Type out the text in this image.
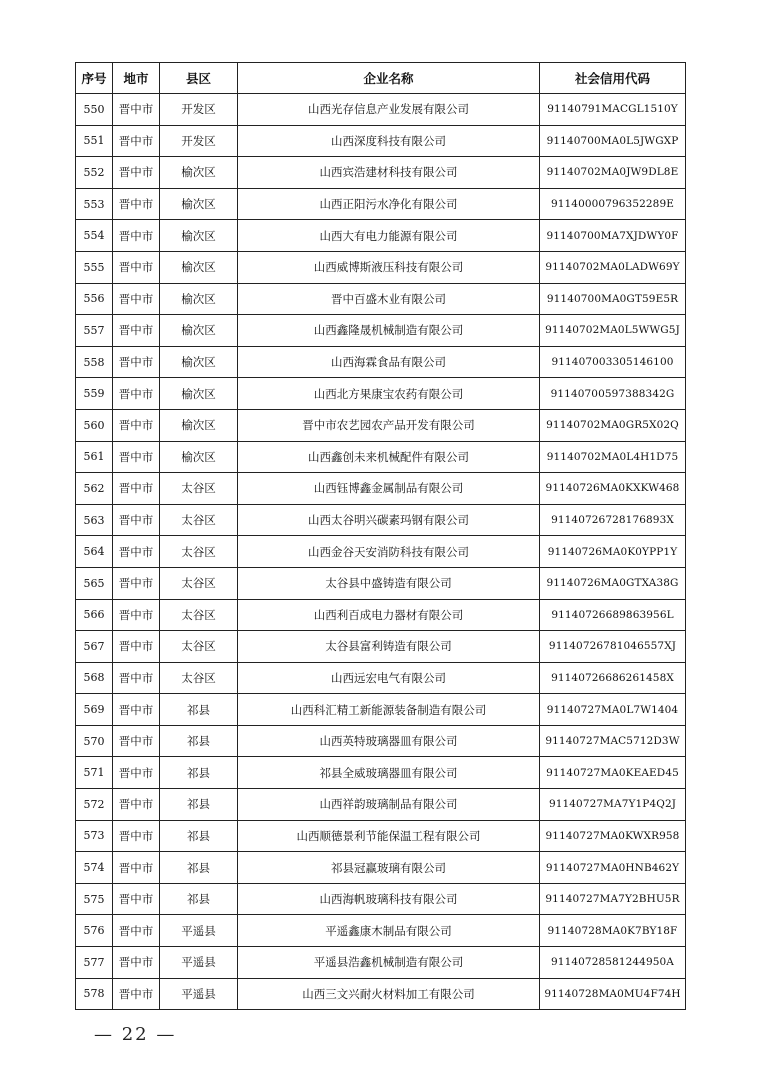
序号	地市	县区	企业名称	社会信用代码
550	晋中市	开发区	山西光存信息产业发展有限公司	91140791MACGL1510Y
551	晋中市	开发区	山西深度科技有限公司	91140700MA0L5JWGXP
552	晋中市	榆次区	山西宾浩建材科技有限公司	91140702MA0JW9DL8E
553	晋中市	榆次区	山西正阳污水净化有限公司	91140000796352289E
554	晋中市	榆次区	山西大有电力能源有限公司	91140700MA7XJDWY0F
555	晋中市	榆次区	山西威博斯液压科技有限公司	91140702MA0LADW69Y
556	晋中市	榆次区	晋中百盛木业有限公司	91140700MA0GT59E5R
557	晋中市	榆次区	山西鑫隆晟机械制造有限公司	91140702MA0L5WWG5J
558	晋中市	榆次区	山西海霖食品有限公司	911407003305146100
559	晋中市	榆次区	山西北方果康宝农药有限公司	91140700597388342G
560	晋中市	榆次区	晋中市农艺园农产品开发有限公司	91140702MA0GR5X02Q
561	晋中市	榆次区	山西鑫创未来机械配件有限公司	91140702MA0L4H1D75
562	晋中市	太谷区	山西钰博鑫金属制品有限公司	91140726MA0KXKW468
563	晋中市	太谷区	山西太谷明兴碳素玛钢有限公司	91140726728176893X
564	晋中市	太谷区	山西金谷天安消防科技有限公司	91140726MA0K0YPP1Y
565	晋中市	太谷区	太谷县中盛铸造有限公司	91140726MA0GTXA38G
566	晋中市	太谷区	山西利百成电力器材有限公司	91140726689863956L
567	晋中市	太谷区	太谷县富利铸造有限公司	91140726781046557XJ
568	晋中市	太谷区	山西远宏电气有限公司	91140726686261458X
569	晋中市	祁县	山西科汇精工新能源装备制造有限公司	91140727MA0L7W1404
570	晋中市	祁县	山西英特玻璃器皿有限公司	91140727MAC5712D3W
571	晋中市	祁县	祁县全威玻璃器皿有限公司	91140727MA0KEAED45
572	晋中市	祁县	山西祥韵玻璃制品有限公司	91140727MA7Y1P4Q2J
573	晋中市	祁县	山西顺德景利节能保温工程有限公司	91140727MA0KWXR958
574	晋中市	祁县	祁县冠赢玻璃有限公司	91140727MA0HNB462Y
575	晋中市	祁县	山西海帆玻璃科技有限公司	91140727MA7Y2BHU5R
576	晋中市	平遥县	平遥鑫康木制品有限公司	91140728MA0K7BY18F
577	晋中市	平遥县	平遥县浩鑫机械制造有限公司	91140728581244950A
578	晋中市	平遥县	山西三文兴耐火材料加工有限公司	91140728MA0MU4F74H
— 22 —
